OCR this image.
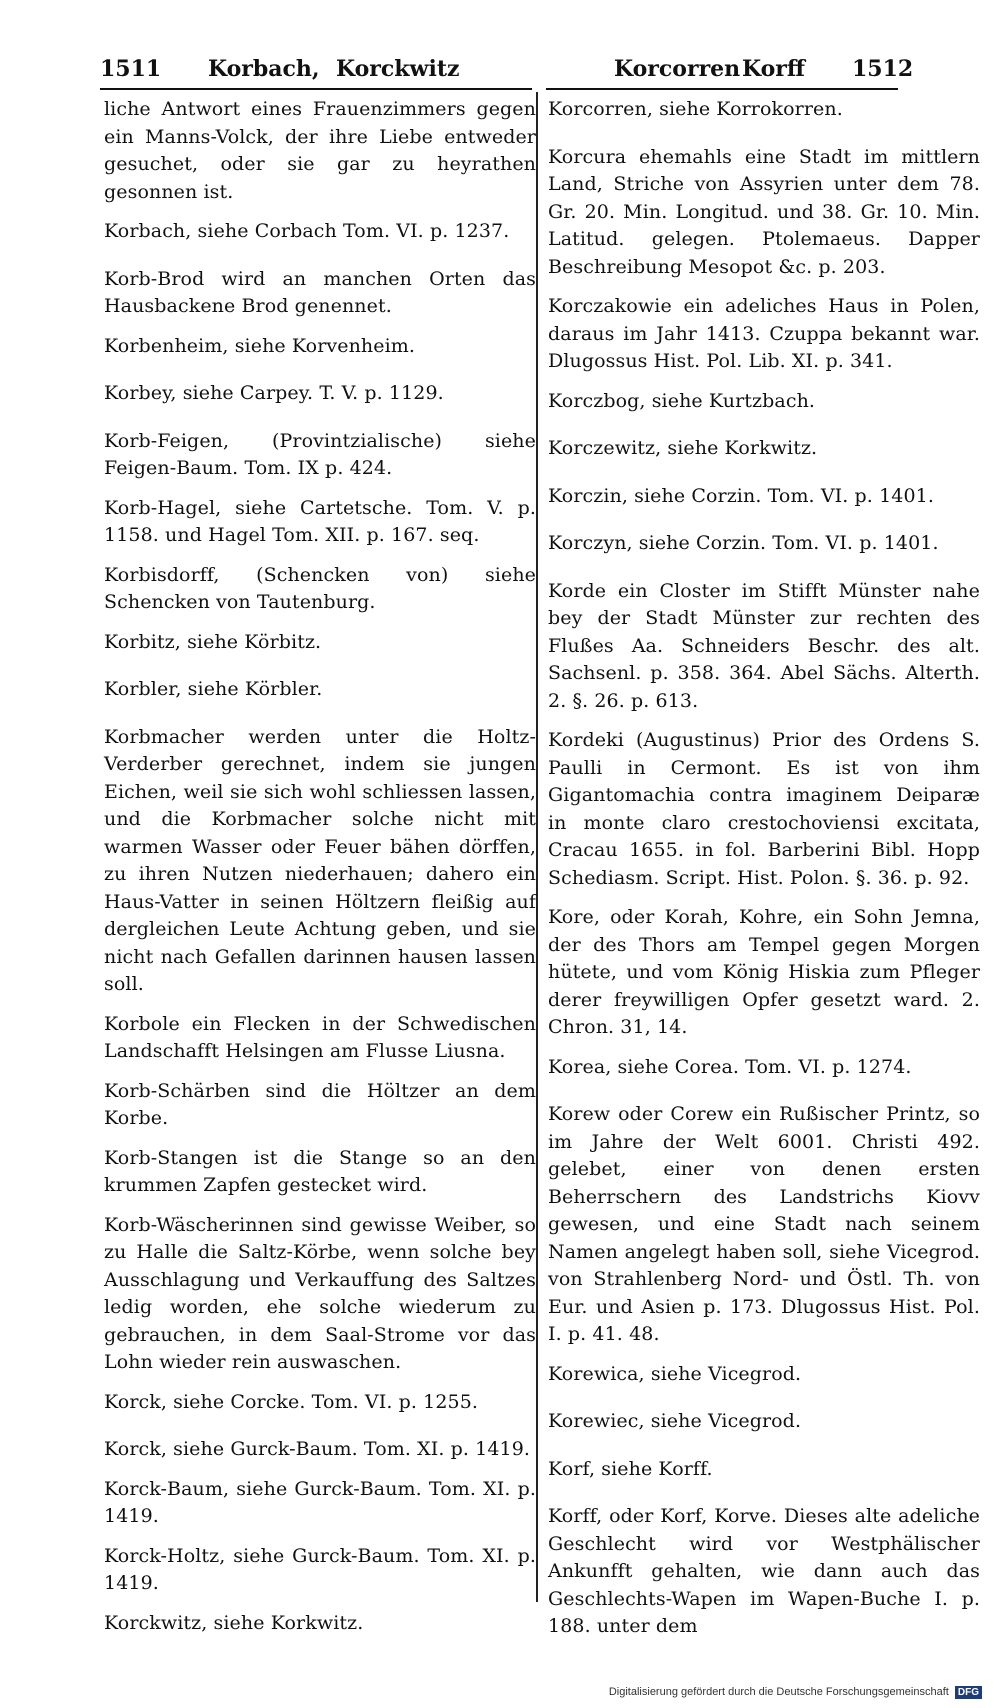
1511 Korbach, Korckwitz	Korcorren Korff 1512

liche Antwort eines Frauenzimmers gegen ein Manns-Volck, der ihre Liebe entweder gesuchet, oder sie gar zu heyrathen gesonnen ist.

Korbach, siehe Corbach Tom. VI. p. 1237.

Korb-Brod wird an manchen Orten das Hausbackene Brod genennet.

Korbenheim, siehe Korvenheim.

Korbey, siehe Carpey. T. V. p. 1129.

Korb-Feigen, (Provintzialische) siehe Feigen-Baum. Tom. IX p. 424.

Korb-Hagel, siehe Cartetsche. Tom. V. p. 1158. und Hagel Tom. XII. p. 167. seq.

Korbisdorff, (Schencken von) siehe Schencken von Tautenburg.

Korbitz, siehe Körbitz.

Korbler, siehe Körbler.

Korbmacher werden unter die Holtz-Verderber gerechnet, indem sie jungen Eichen, weil sie sich wohl schliessen lassen, und die Korbmacher solche nicht mit warmen Wasser oder Feuer bähen dörffen, zu ihren Nutzen niederhauen; dahero ein Haus-Vatter in seinen Höltzern fleißig auf dergleichen Leute Achtung geben, und sie nicht nach Gefallen darinnen hausen lassen soll.

Korbole ein Flecken in der Schwedischen Landschafft Helsingen am Flusse Liusna.

Korb-Schärben sind die Höltzer an dem Korbe.

Korb-Stangen ist die Stange so an den krummen Zapfen gestecket wird.

Korb-Wäscherinnen sind gewisse Weiber, so zu Halle die Saltz-Körbe, wenn solche bey Ausschlagung und Verkauffung des Saltzes ledig worden, ehe solche wiederum zu gebrauchen, in dem Saal-Strome vor das Lohn wieder rein auswaschen.

Korck, siehe Corcke. Tom. VI. p. 1255.

Korck, siehe Gurck-Baum. Tom. XI. p. 1419.

Korck-Baum, siehe Gurck-Baum. Tom. XI. p. 1419.

Korck-Holtz, siehe Gurck-Baum. Tom. XI. p. 1419.

Korckwitz, siehe Korkwitz.

Korcorren, siehe Korrokorren.

Korcura ehemahls eine Stadt im mittlern Land, Striche von Assyrien unter dem 78. Gr. 20. Min. Longitud. und 38. Gr. 10. Min. Latitud. gelegen. Ptolemaeus. Dapper Beschreibung Mesopot &c. p. 203.

Korczakowie ein adeliches Haus in Polen, daraus im Jahr 1413. Czuppa bekannt war. Dlugossus Hist. Pol. Lib. XI. p. 341.

Korczbog, siehe Kurtzbach.

Korczewitz, siehe Korkwitz.

Korczin, siehe Corzin. Tom. VI. p. 1401.

Korczyn, siehe Corzin. Tom. VI. p. 1401.

Korde ein Closter im Stifft Münster nahe bey der Stadt Münster zur rechten des Flußes Aa. Schneiders Beschr. des alt. Sachsenl. p. 358. 364. Abel Sächs. Alterth. 2. §. 26. p. 613.

Kordeki (Augustinus) Prior des Ordens S. Paulli in Cermont. Es ist von ihm Gigantomachia contra imaginem Deiparæ in monte claro crestochoviensi excitata, Cracau 1655. in fol. Barberini Bibl. Hopp Schediasm. Script. Hist. Polon. §. 36. p. 92.

Kore, oder Korah, Kohre, ein Sohn Jemna, der des Thors am Tempel gegen Morgen hütete, und vom König Hiskia zum Pfleger derer freywilligen Opfer gesetzt ward. 2. Chron. 31, 14.

Korea, siehe Corea. Tom. VI. p. 1274.

Korew oder Corew ein Rußischer Printz, so im Jahre der Welt 6001. Christi 492. gelebet, einer von denen ersten Beherrschern des Landstrichs Kiovv gewesen, und eine Stadt nach seinem Namen angelegt haben soll, siehe Vicegrod. von Strahlenberg Nord- und Östl. Th. von Eur. und Asien p. 173. Dlugossus Hist. Pol. I. p. 41. 48.

Korewica, siehe Vicegrod.

Korewiec, siehe Vicegrod.

Korf, siehe Korff.

Korff, oder Korf, Korve. Dieses alte adeliche Geschlecht wird vor Westphälischer Ankunfft gehalten, wie dann auch das Geschlechts-Wapen im Wapen-Buche I. p. 188. unter dem

Digitalisierung gefördert durch die Deutsche Forschungsgemeinschaft DFG
